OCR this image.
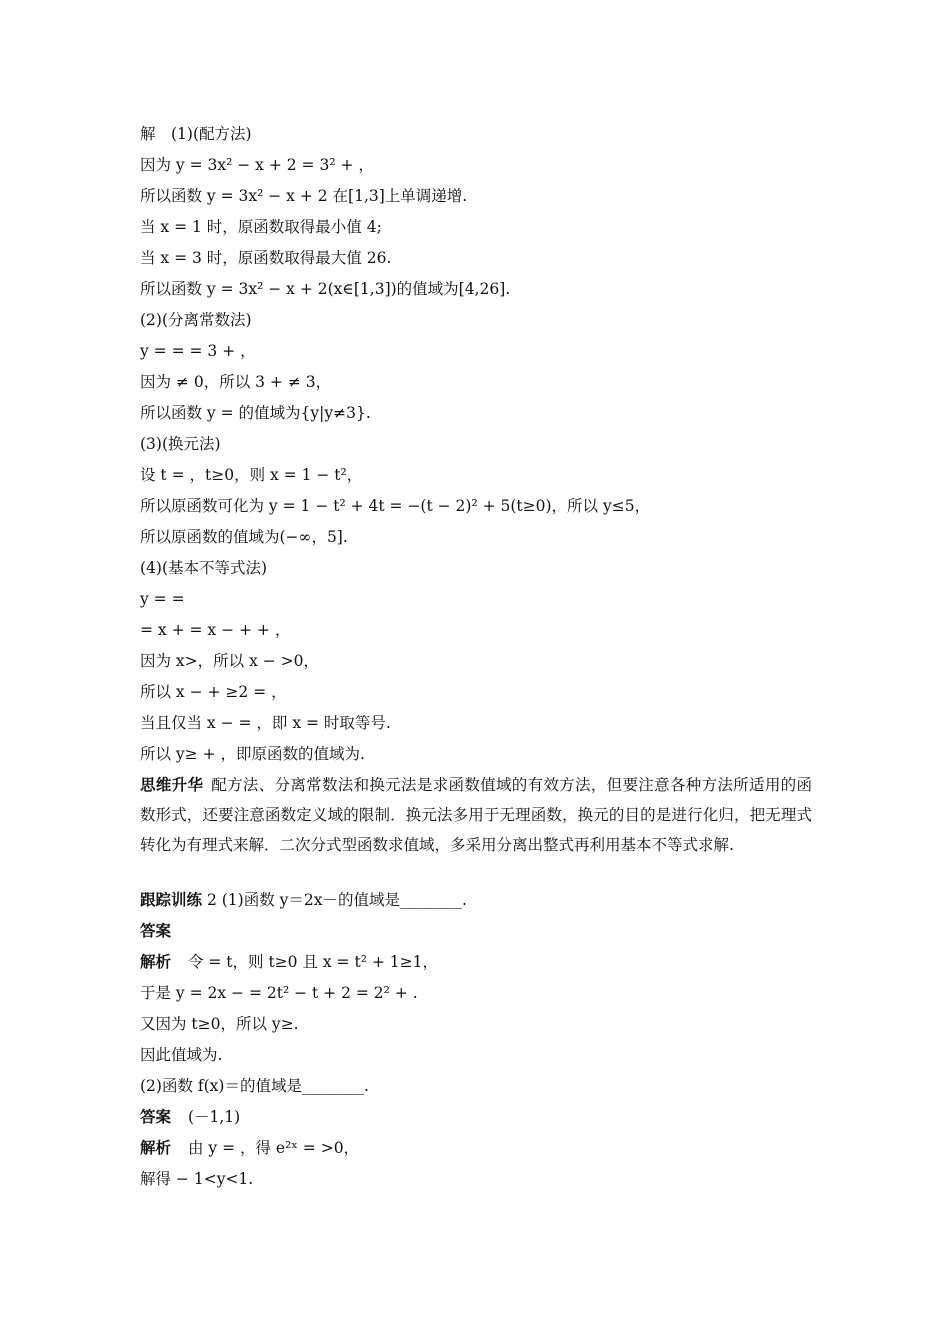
解　(1)(配方法)
因为 y = 3x² − x + 2 = 3² + ，
所以函数 y = 3x² − x + 2 在[1,3]上单调递增.
当 x = 1 时，原函数取得最小值 4;
当 x = 3 时，原函数取得最大值 26.
所以函数 y = 3x² − x + 2(x∈[1,3])的值域为[4,26].
(2)(分离常数法)
y = = = 3 + ，
因为 ≠ 0，所以 3 + ≠ 3，
所以函数 y = 的值域为{y|y≠3}.
(3)(换元法)
设 t = ，t≥0，则 x = 1 − t²，
所以原函数可化为 y = 1 − t² + 4t = −(t − 2)² + 5(t≥0)，所以 y≤5，
所以原函数的值域为(−∞，5].
(4)(基本不等式法)
y = =
= x + = x − + + ，
因为 x>，所以 x − >0，
所以 x − + ≥2 = ，
当且仅当 x − = ，即 x = 时取等号.
所以 y≥ + ，即原函数的值域为.
思维升华 配方法、分离常数法和换元法是求函数值域的有效方法，但要注意各种方法所适用的函数形式，还要注意函数定义域的限制．换元法多用于无理函数，换元的目的是进行化归，把无理式转化为有理式来解．二次分式型函数求值域，多采用分离出整式再利用基本不等式求解.
跟踪训练 2 (1)函数 y＝2x－的值域是________.
答案
解析 令 = t，则 t≥0 且 x = t² + 1≥1，
于是 y = 2x − = 2t² − t + 2 = 2² + .
又因为 t≥0，所以 y≥.
因此值域为.
(2)函数 f(x)＝的值域是________.
答案 (－1,1)
解析 由 y = ，得 e²ˣ = >0，
解得 − 1<y<1.
